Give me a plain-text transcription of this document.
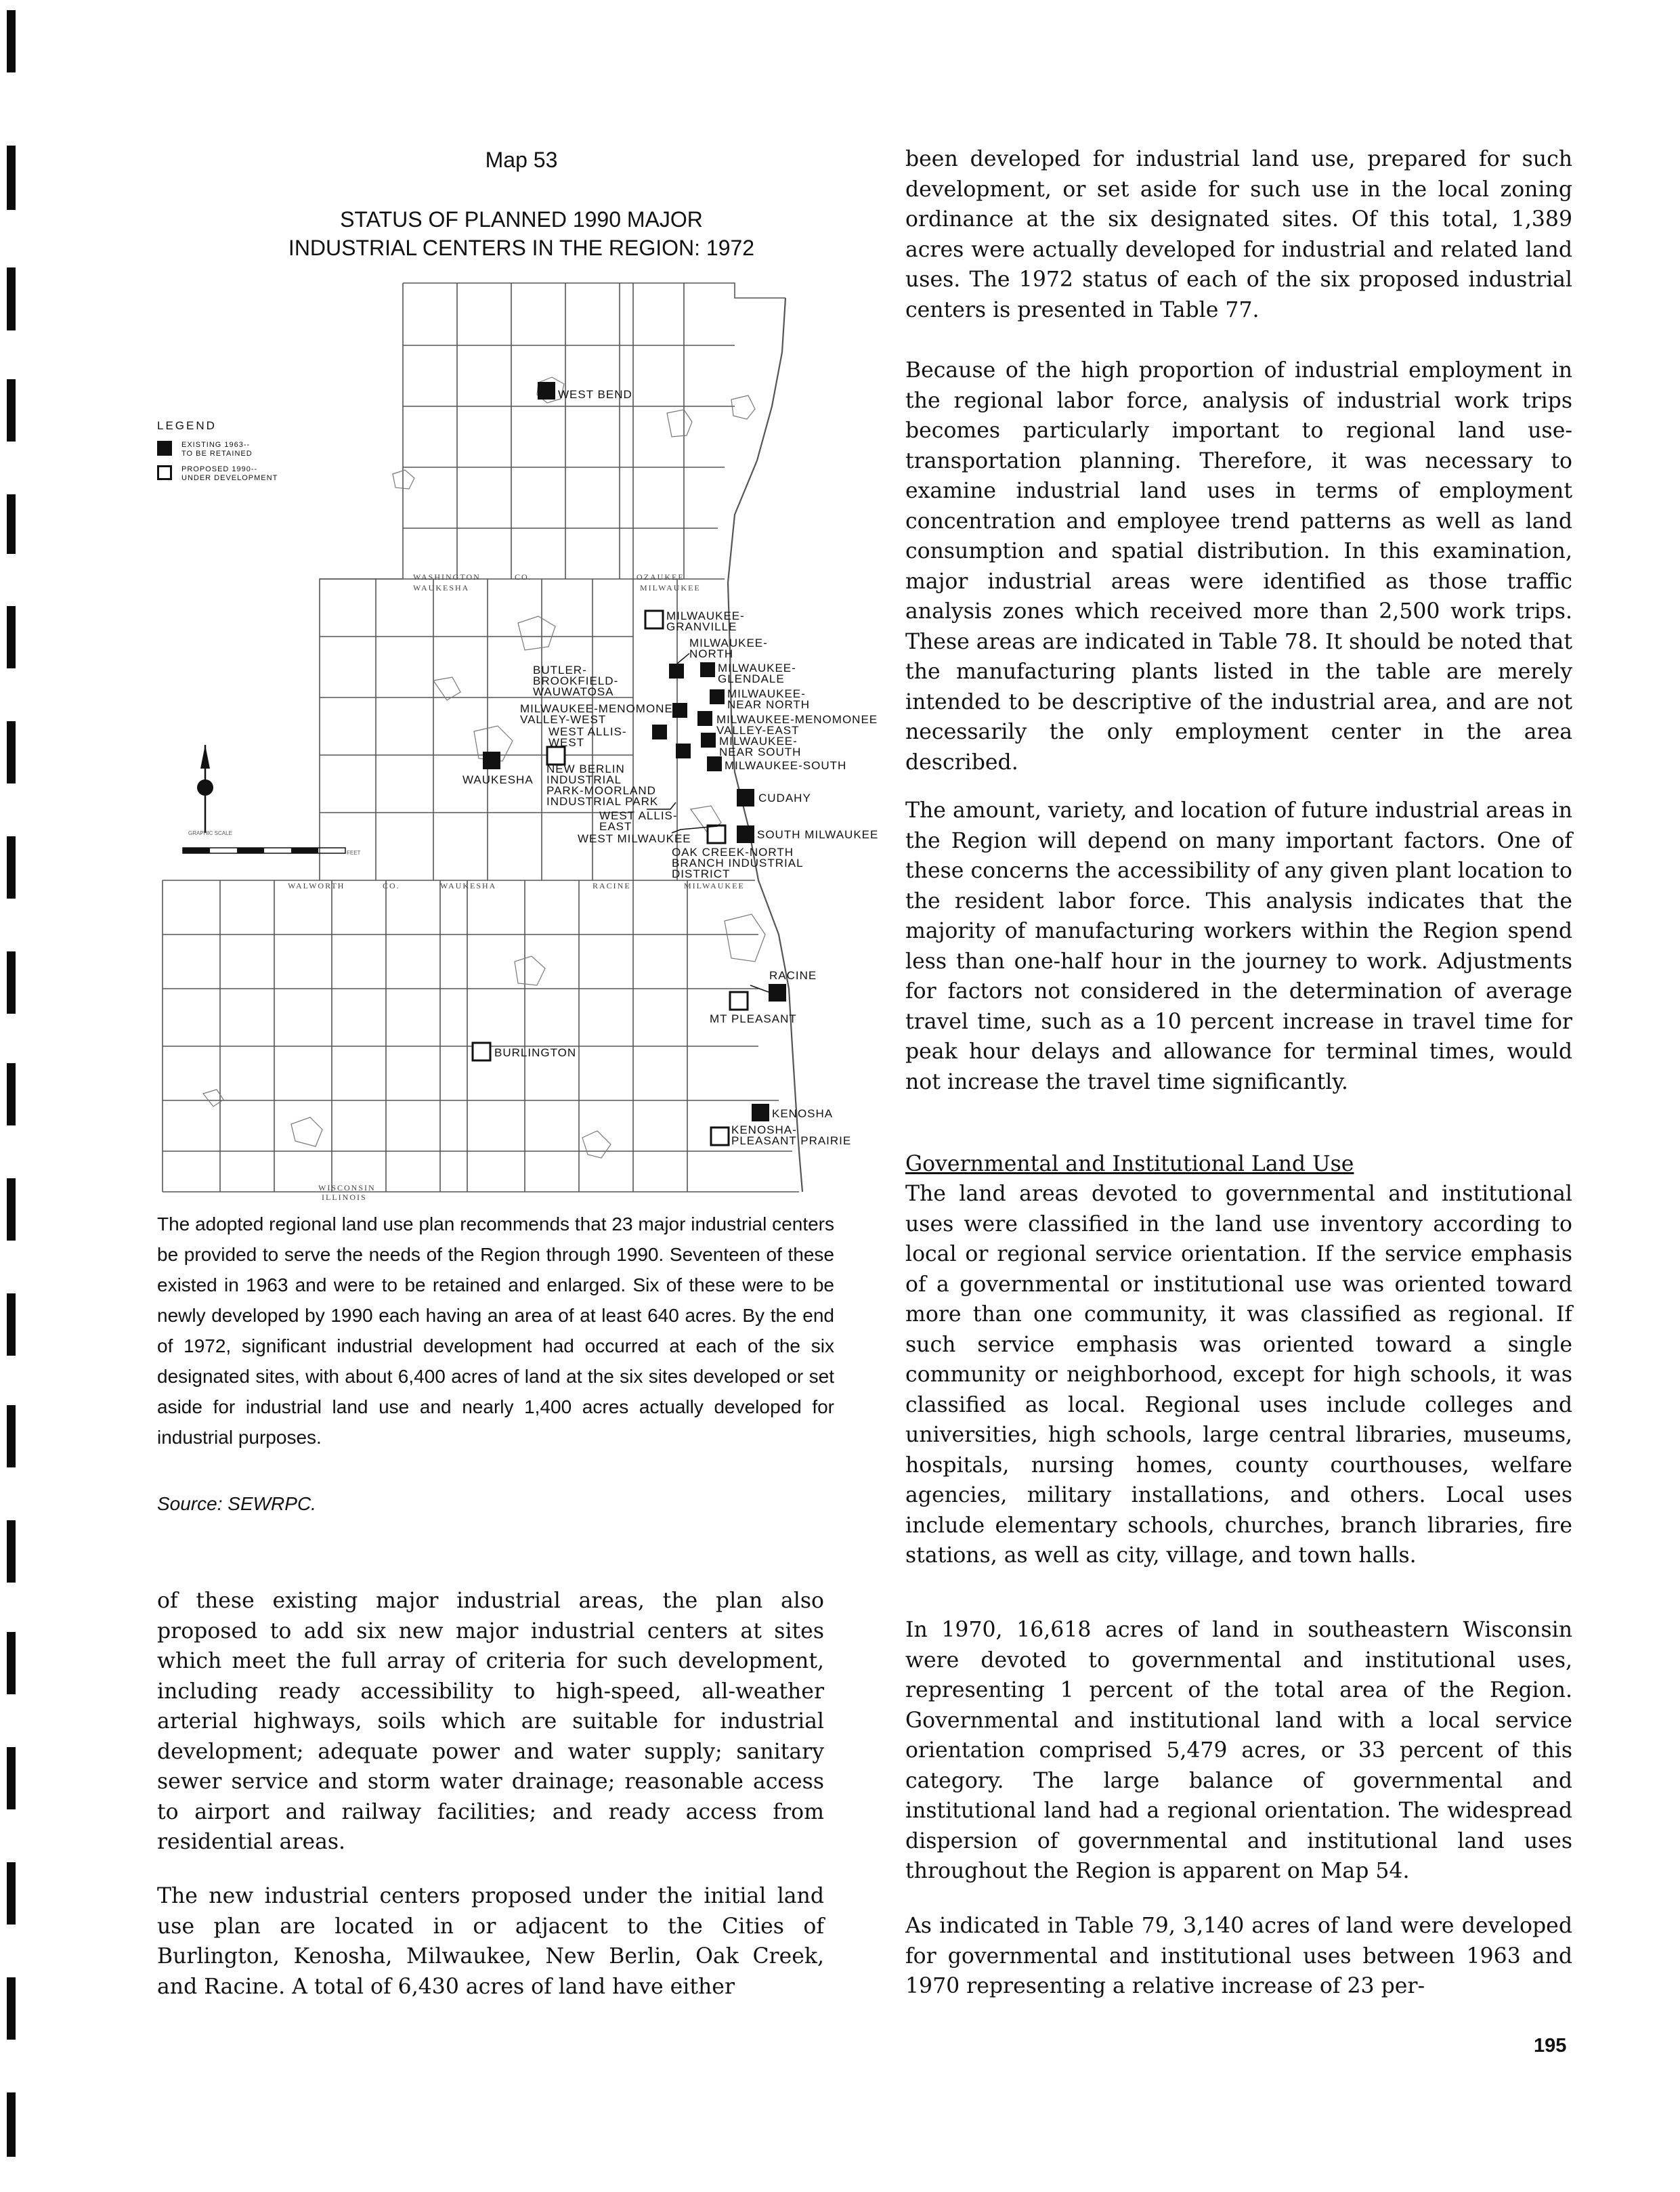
Map 53
STATUS OF PLANNED 1990 MAJOR
INDUSTRIAL CENTERS IN THE REGION: 1972
WASHINGTON	CO.
WAUKESHA
OZAUKEE
MILWAUKEE
WALWORTH	CO.	WAUKESHA	RACINE	MILWAUKEE
WISCONSIN
ILLINOIS
GRAPHIC SCALE
FEET
WEST BEND
MILWAUKEE-
GRANVILLE
MILWAUKEE-
NORTH
MILWAUKEE-
GLENDALE
BUTLER-
BROOKFIELD-
WAUWATOSA	MILWAUKEE-
NEAR NORTH
MILWAUKEE-MENOMONEE
VALLEY-WEST	MILWAUKEE-MENOMONEE
VALLEY-EAST
WEST ALLIS-
WEST	MILWAUKEE-
NEAR SOUTH
MILWAUKEE-SOUTH
WAUKESHA
NEW BERLIN
INDUSTRIAL
PARK-MOORLAND
INDUSTRIAL PARK	CUDAHY
WEST ALLIS-
EAST
WEST MILWAUKEE	SOUTH MILWAUKEE
OAK CREEK-NORTH
BRANCH INDUSTRIAL
DISTRICT
RACINE
MT PLEASANT
BURLINGTON
KENOSHA
KENOSHA-
PLEASANT PRAIRIE
LEGEND
EXISTING 1963--
TO BE RETAINED
PROPOSED 1990--
UNDER DEVELOPMENT

The adopted regional land use plan recommends that 23 major industrial centers be provided to serve the needs of the Region through 1990. Seventeen of these existed in 1963 and were to be retained and enlarged. Six of these were to be newly developed by 1990 each having an area of at least 640 acres. By the end of 1972, significant industrial development had occurred at each of the six designated sites, with about 6,400 acres of land at the six sites developed or set aside for industrial land use and nearly 1,400 acres actually developed for industrial purposes.

Source: SEWRPC.

of these existing major industrial areas, the plan also proposed to add six new major industrial centers at sites which meet the full array of criteria for such development, including ready accessibility to high-speed, all-weather arterial highways, soils which are suitable for industrial development; adequate power and water supply; sanitary sewer service and storm water drainage; reasonable access to airport and railway facilities; and ready access from residential areas.

The new industrial centers proposed under the initial land use plan are located in or adjacent to the Cities of Burlington, Kenosha, Milwaukee, New Berlin, Oak Creek, and Racine. A total of 6,430 acres of land have either

been developed for industrial land use, prepared for such development, or set aside for such use in the local zoning ordinance at the six designated sites. Of this total, 1,389 acres were actually developed for industrial and related land uses. The 1972 status of each of the six proposed industrial centers is presented in Table 77.

Because of the high proportion of industrial employment in the regional labor force, analysis of industrial work trips becomes particularly important to regional land use-transportation planning. Therefore, it was necessary to examine industrial land uses in terms of employment concentration and employee trend patterns as well as land consumption and spatial distribution. In this examination, major industrial areas were identified as those traffic analysis zones which received more than 2,500 work trips. These areas are indicated in Table 78. It should be noted that the manufacturing plants listed in the table are merely intended to be descriptive of the industrial area, and are not necessarily the only employment center in the area described.

The amount, variety, and location of future industrial areas in the Region will depend on many important factors. One of these concerns the accessibility of any given plant location to the resident labor force. This analysis indicates that the majority of manufacturing workers within the Region spend less than one-half hour in the journey to work. Adjustments for factors not considered in the determination of average travel time, such as a 10 percent increase in travel time for peak hour delays and allowance for terminal times, would not increase the travel time significantly.

Governmental and Institutional Land Use

The land areas devoted to governmental and institutional uses were classified in the land use inventory according to local or regional service orientation. If the service emphasis of a governmental or institutional use was oriented toward more than one community, it was classified as regional. If such service emphasis was oriented toward a single community or neighborhood, except for high schools, it was classified as local. Regional uses include colleges and universities, high schools, large central libraries, museums, hospitals, nursing homes, county courthouses, welfare agencies, military installations, and others. Local uses include elementary schools, churches, branch libraries, fire stations, as well as city, village, and town halls.

In 1970, 16,618 acres of land in southeastern Wisconsin were devoted to governmental and institutional uses, representing 1 percent of the total area of the Region. Governmental and institutional land with a local service orientation comprised 5,479 acres, or 33 percent of this category. The large balance of governmental and institutional land had a regional orientation. The widespread dispersion of governmental and institutional land uses throughout the Region is apparent on Map 54.

As indicated in Table 79, 3,140 acres of land were developed for governmental and institutional uses between 1963 and 1970 representing a relative increase of 23 per-

195
